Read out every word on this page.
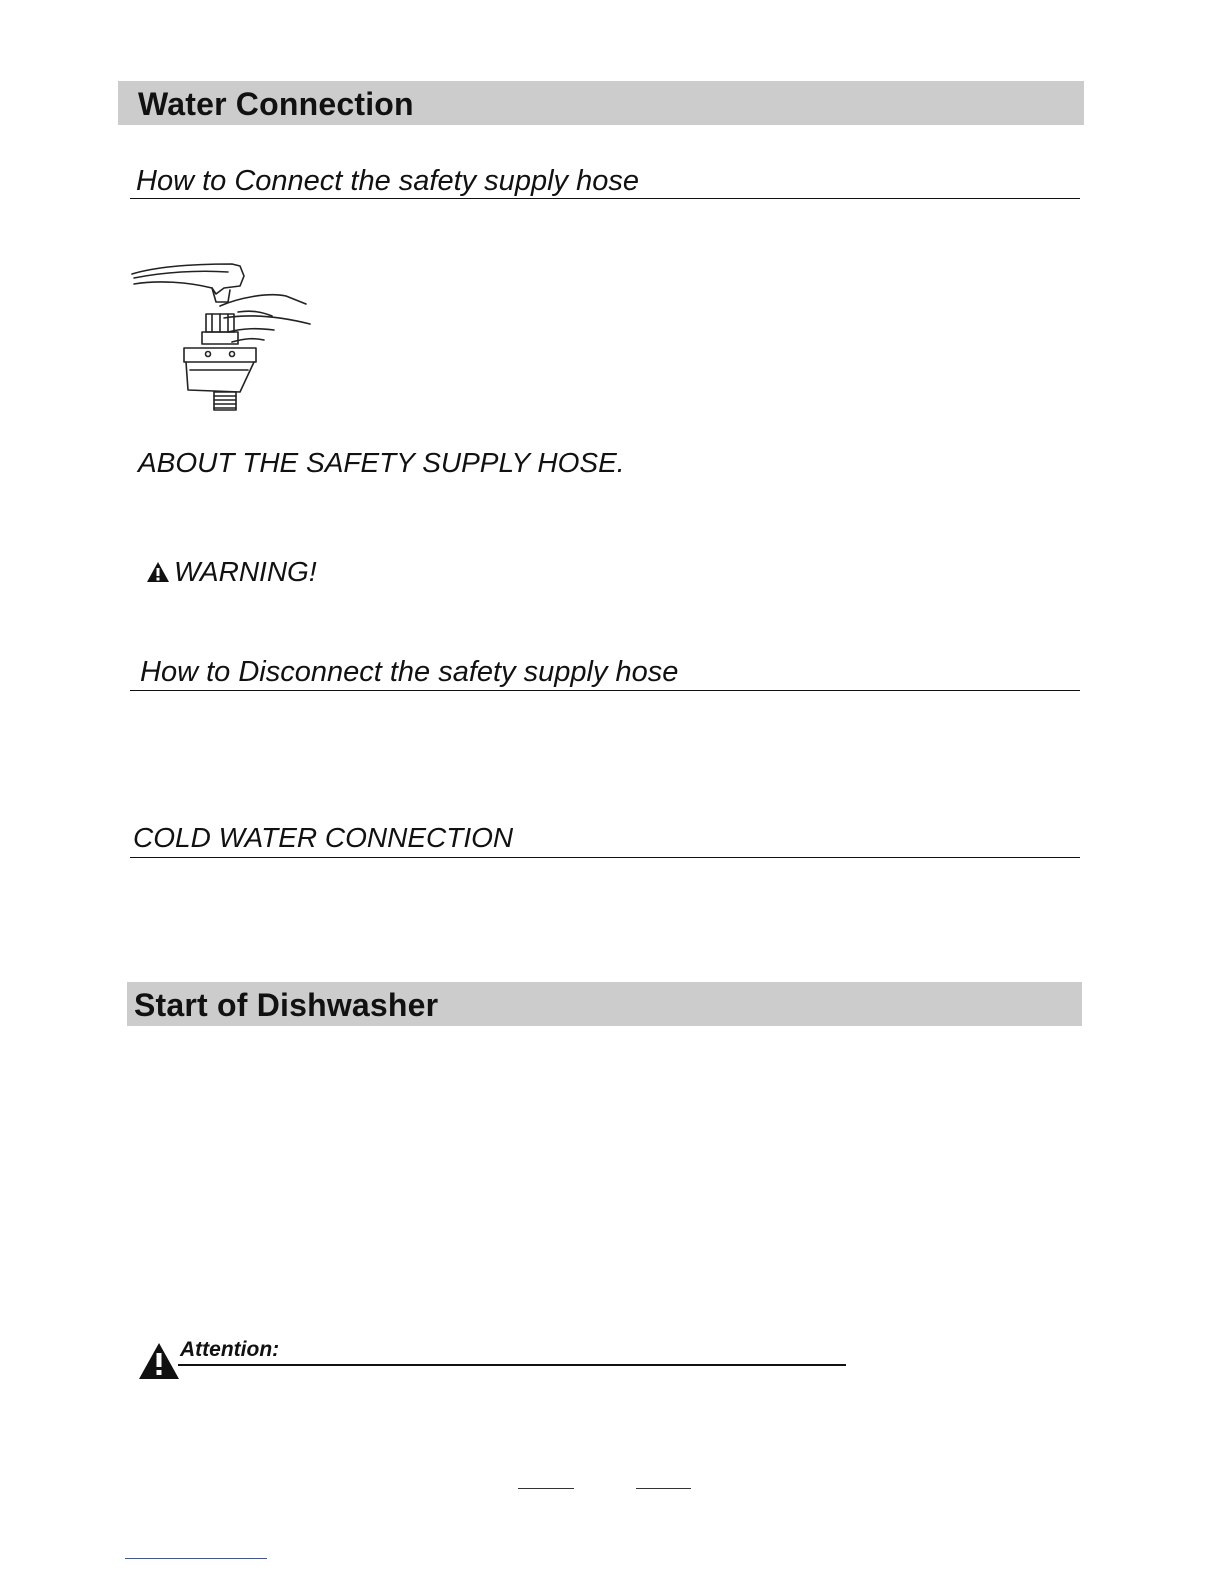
Water Connection
How to Connect the safety supply hose
ABOUT THE SAFETY SUPPLY HOSE.
WARNING!
How to Disconnect the safety supply hose
COLD WATER CONNECTION
Start of Dishwasher
Attention:
